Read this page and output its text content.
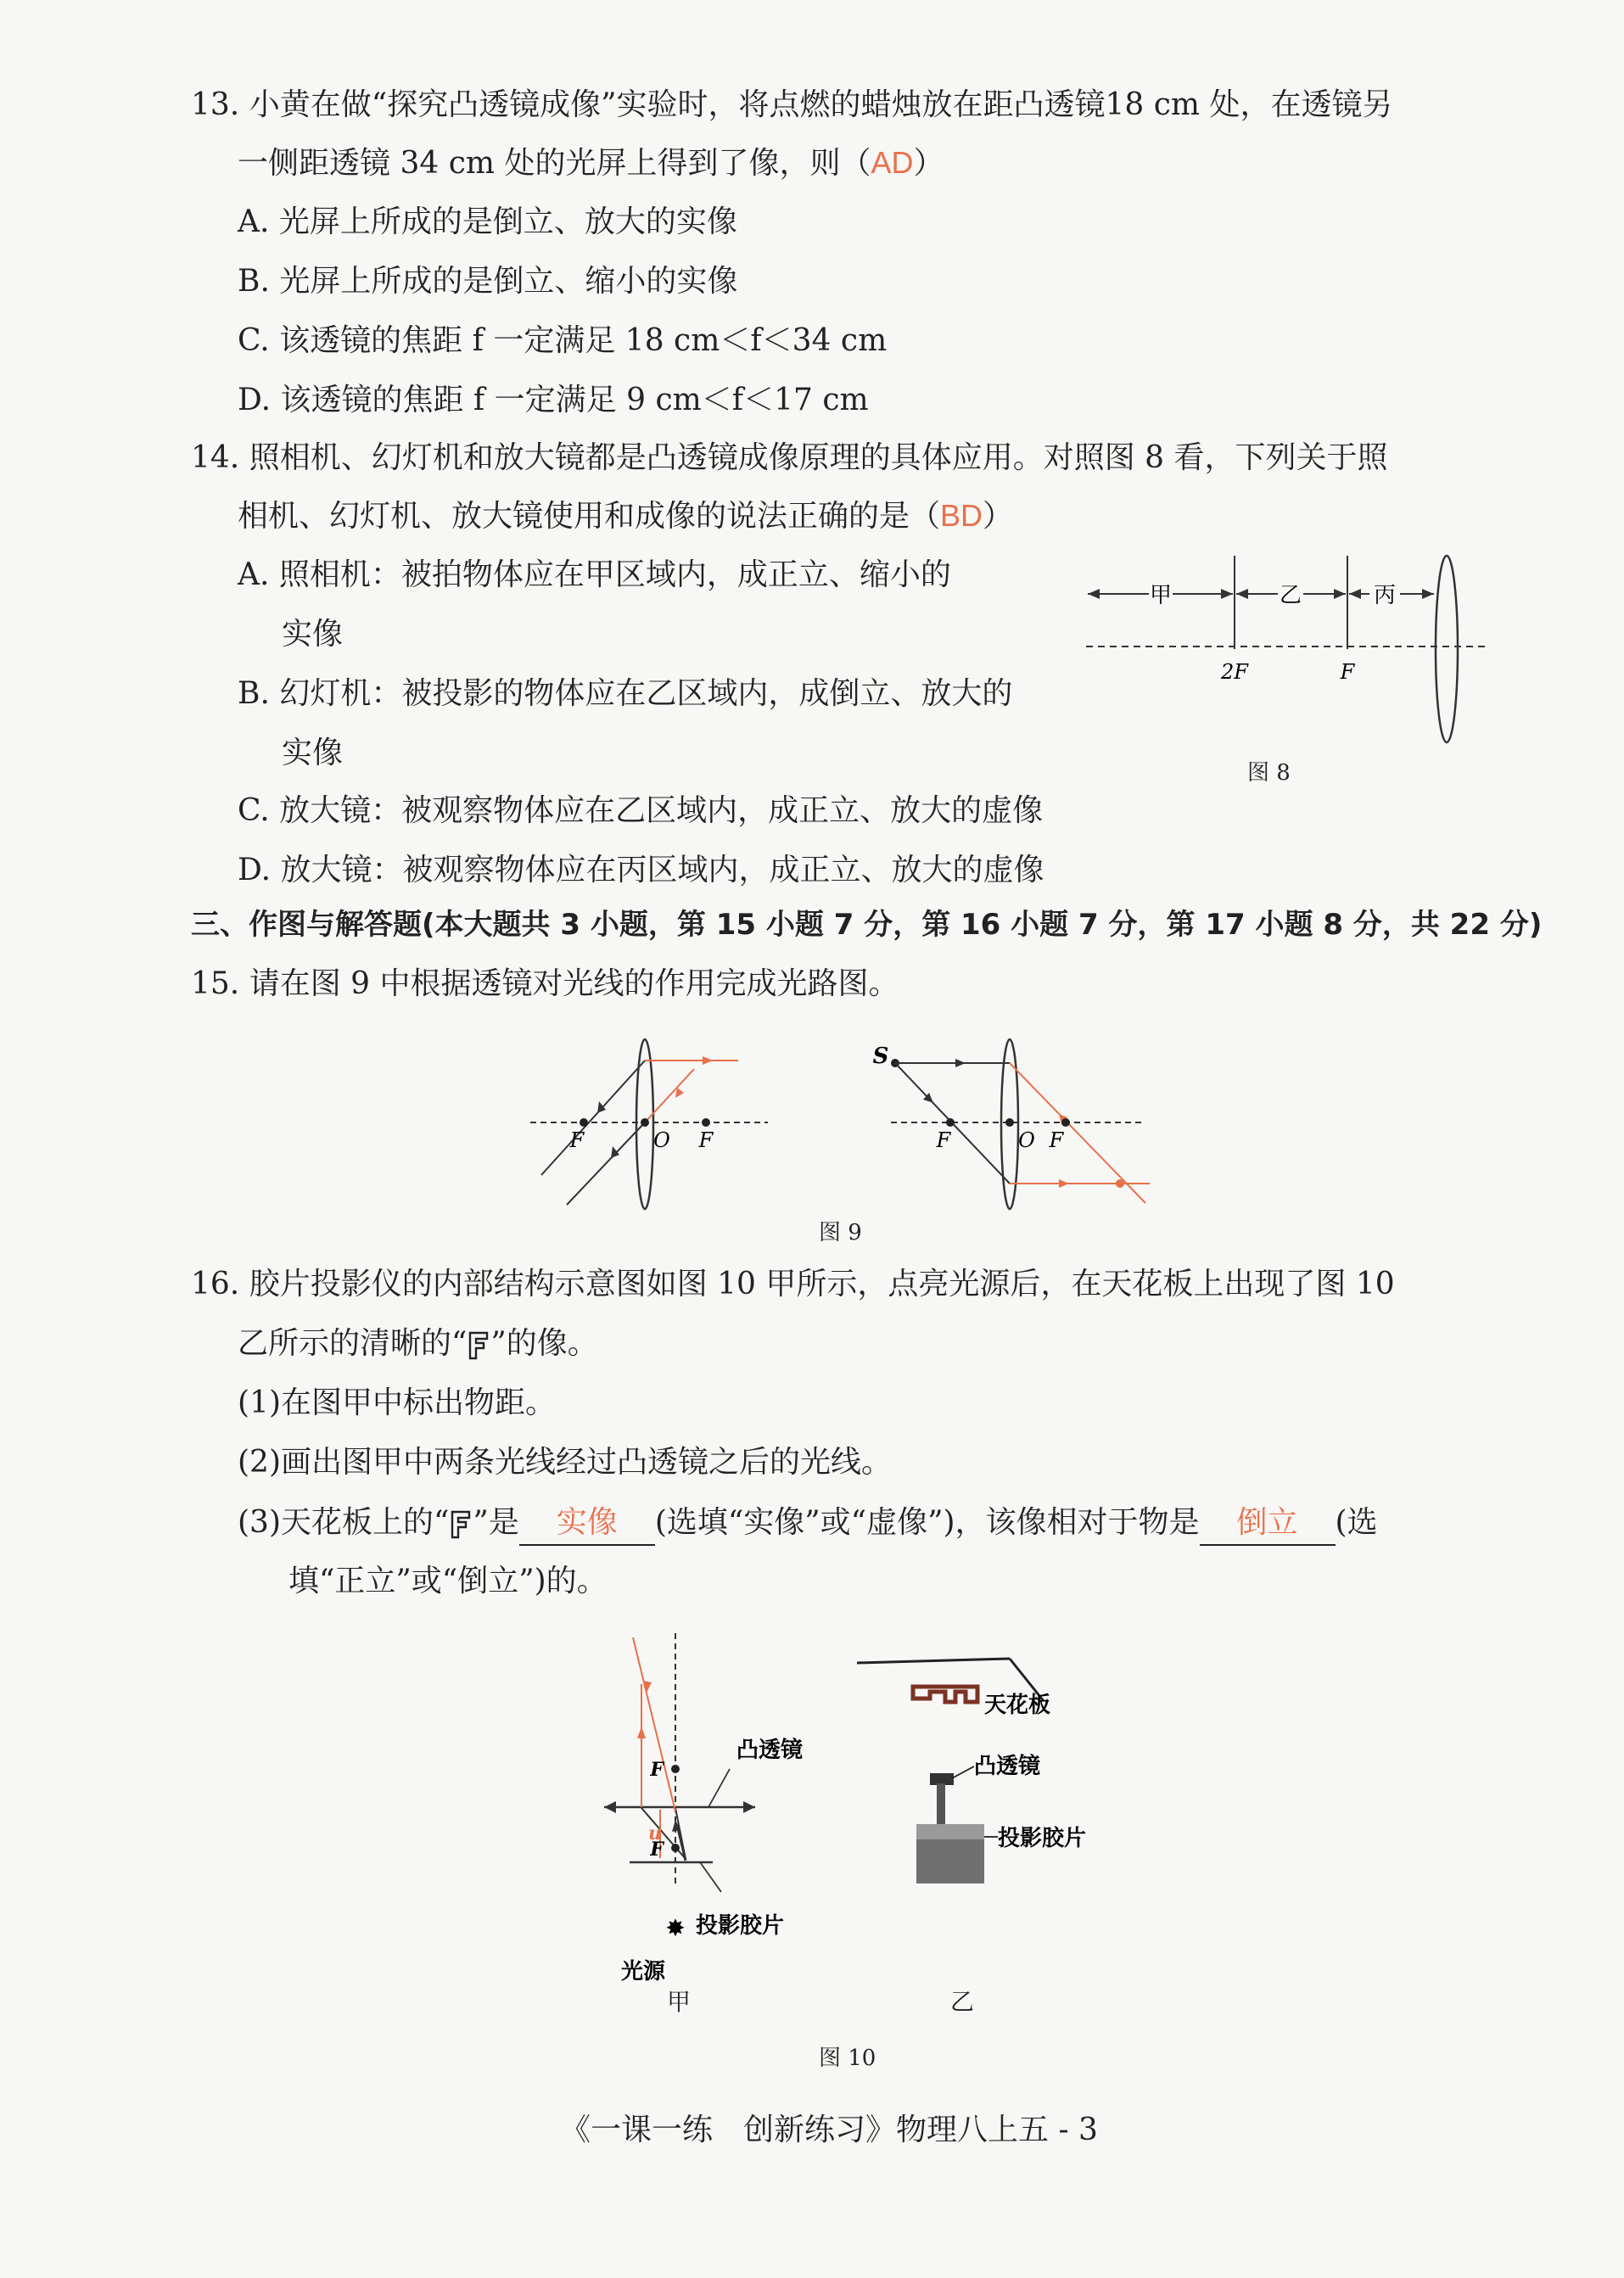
13. 小黄在做“探究凸透镜成像”实验时，将点燃的蜡烛放在距凸透镜18 cm 处，在透镜另
一侧距透镜 34 cm 处的光屏上得到了像，则（AD）
A. 光屏上所成的是倒立、放大的实像
B. 光屏上所成的是倒立、缩小的实像
C. 该透镜的焦距 f 一定满足 18 cm＜f＜34 cm
D. 该透镜的焦距 f 一定满足 9 cm＜f＜17 cm
14. 照相机、幻灯机和放大镜都是凸透镜成像原理的具体应用。对照图 8 看，下列关于照
相机、幻灯机、放大镜使用和成像的说法正确的是（BD）
A. 照相机：被拍物体应在甲区域内，成正立、缩小的
实像
B. 幻灯机：被投影的物体应在乙区域内，成倒立、放大的
实像
C. 放大镜：被观察物体应在乙区域内，成正立、放大的虚像
D. 放大镜：被观察物体应在丙区域内，成正立、放大的虚像
甲	乙	丙
2F	F
图 8
三、作图与解答题(本大题共 3 小题，第 15 小题 7 分，第 16 小题 7 分，第 17 小题 8 分，共 22 分)
15. 请在图 9 中根据透镜对光线的作用完成光路图。
F	O F
S
F	O F
图 9
16. 胶片投影仪的内部结构示意图如图 10 甲所示，点亮光源后，在天花板上出现了图 10
乙所示的清晰的“ ”的像。
(1)在图甲中标出物距。
(2)画出图甲中两条光线经过凸透镜之后的光线。
(3)天花板上的“ ”是 实像 (选填“实像”或“虚像”)，该像相对于物是 倒立 (选
填“正立”或“倒立”)的。
u
F
F
✸
凸透镜
投影胶片
光源
甲
天花板
凸透镜
投影胶片
乙
图 10
《一课一练　创新练习》物理八上五 - 3
